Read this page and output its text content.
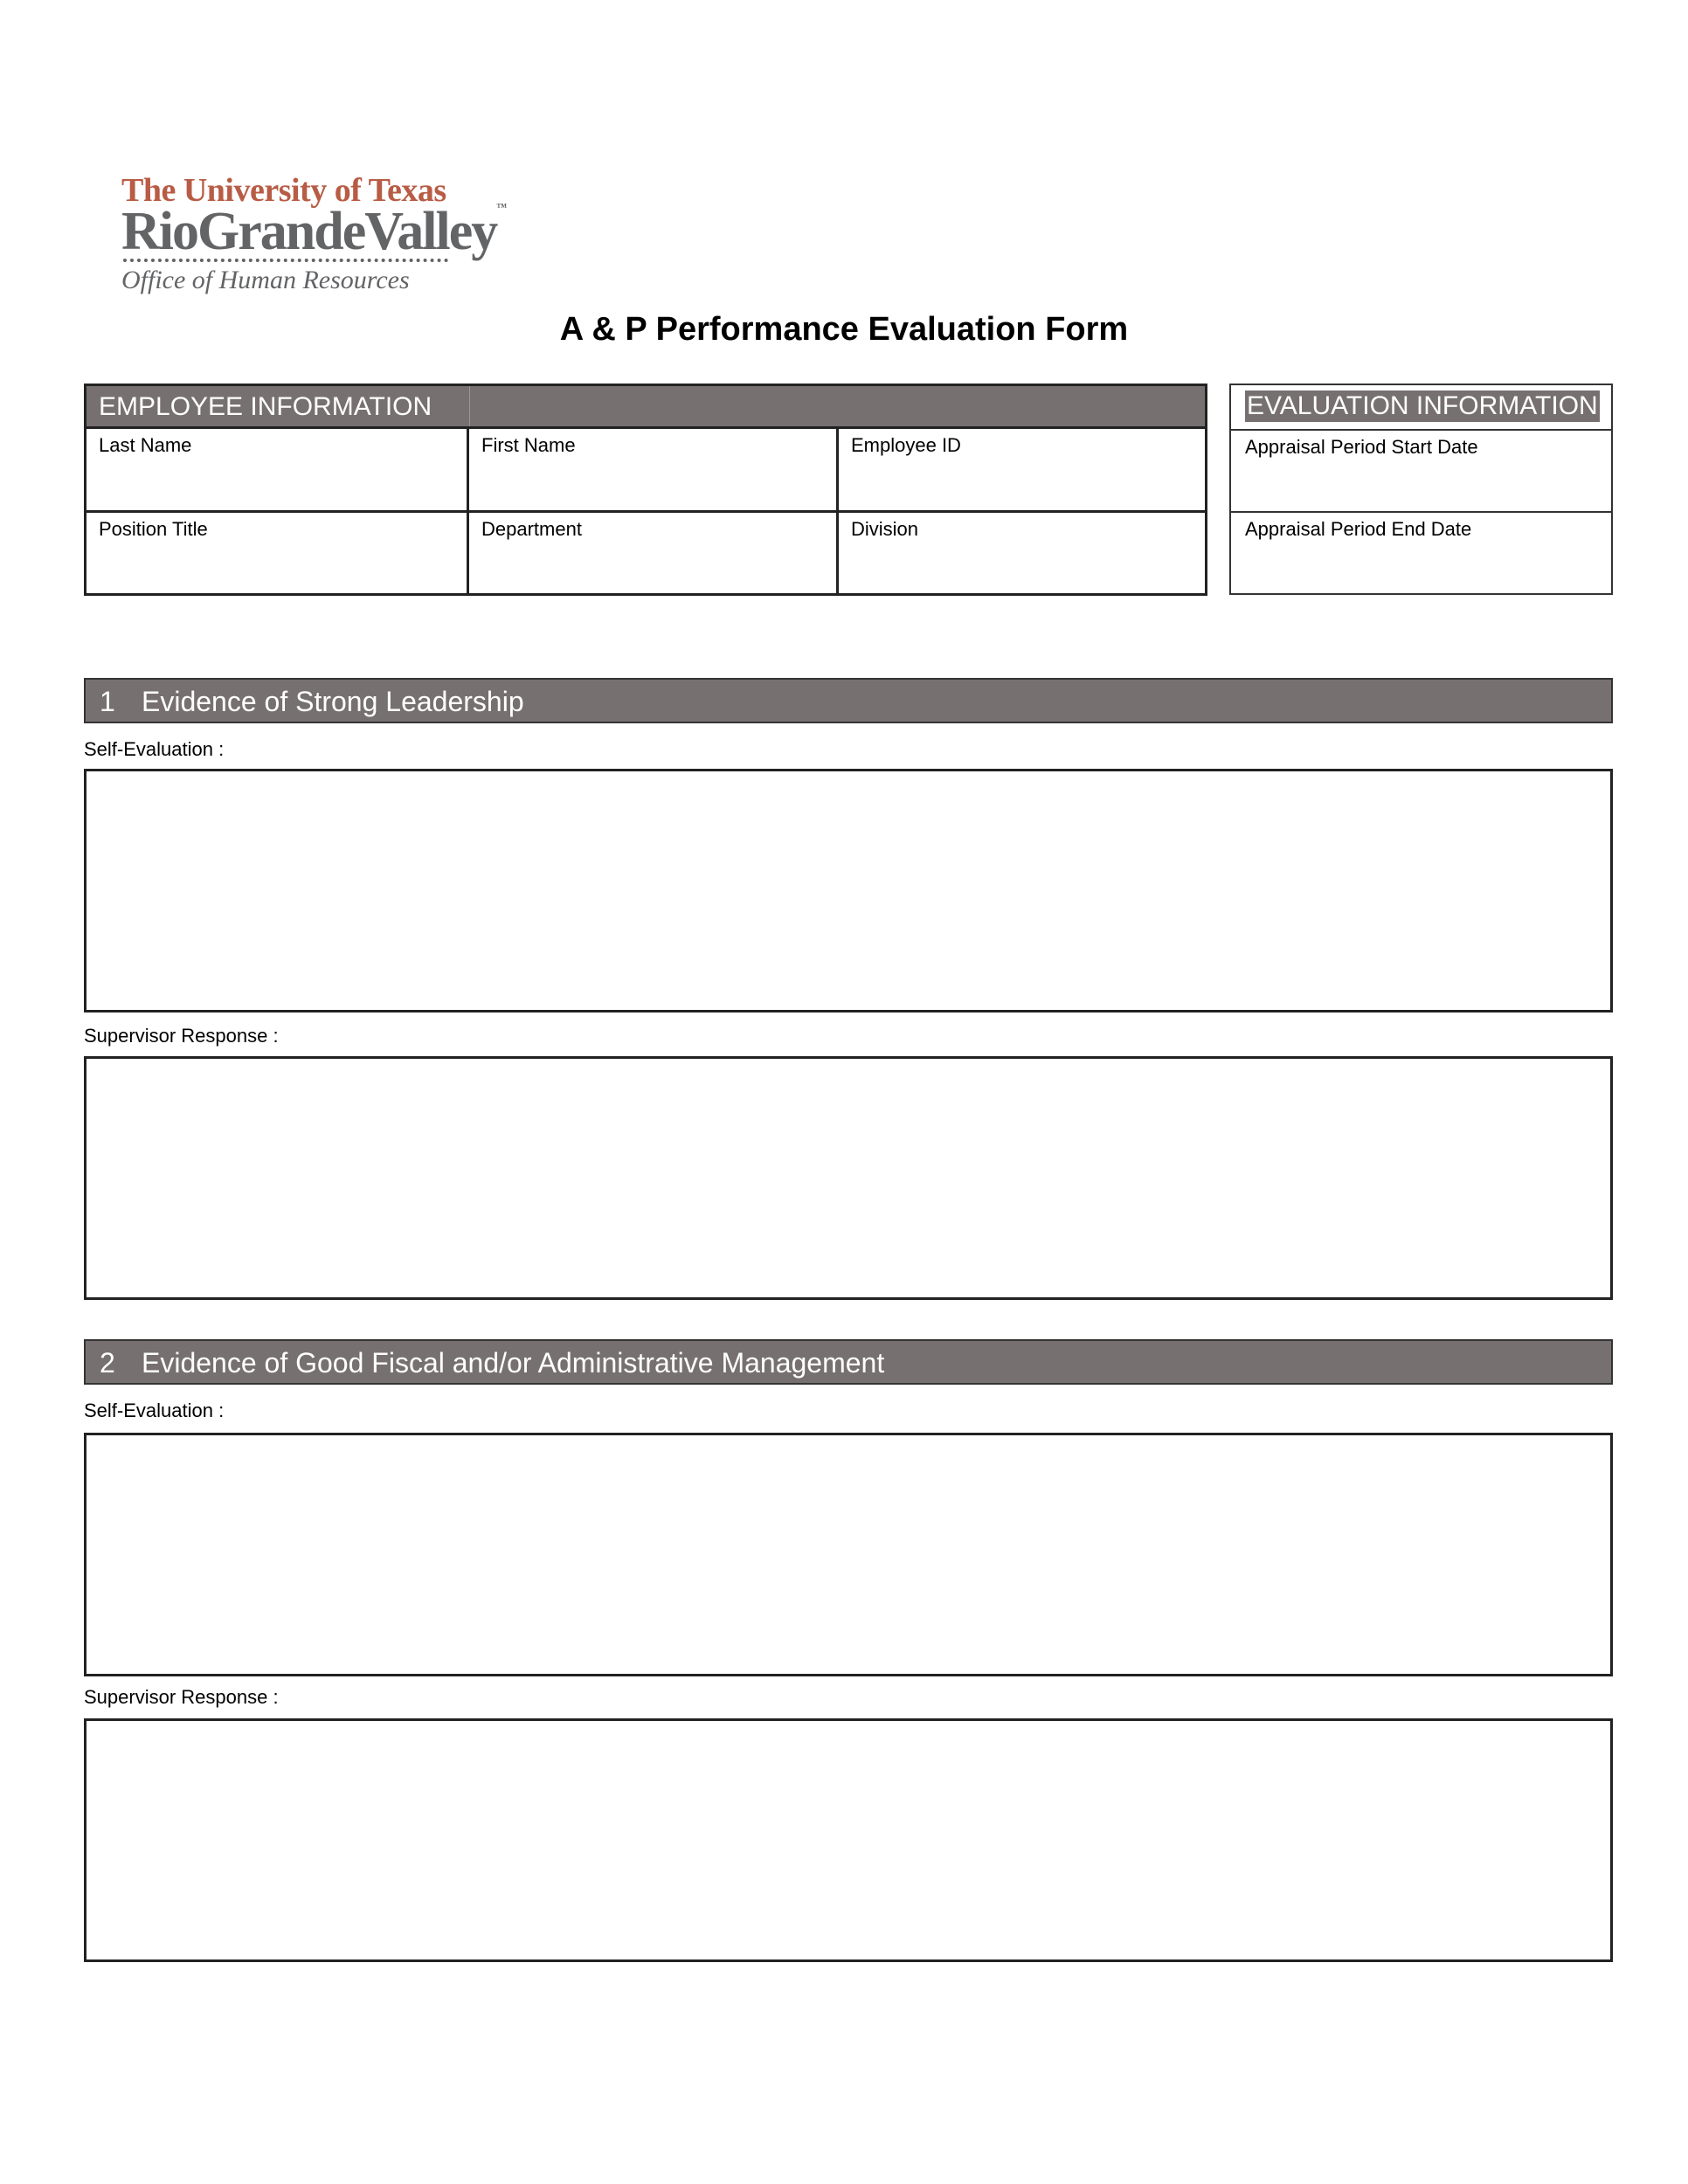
The University of Texas
RioGrandeValley™
Office of Human Resources
A & P Performance Evaluation Form
EMPLOYEE INFORMATION
Last Name	First Name	Employee ID
Position Title	Department	Division
EVALUATION INFORMATION
Appraisal Period Start Date
Appraisal Period End Date
1 Evidence of Strong Leadership
Self-Evaluation :
Supervisor Response :
2 Evidence of Good Fiscal and/or Administrative Management
Self-Evaluation :
Supervisor Response :
